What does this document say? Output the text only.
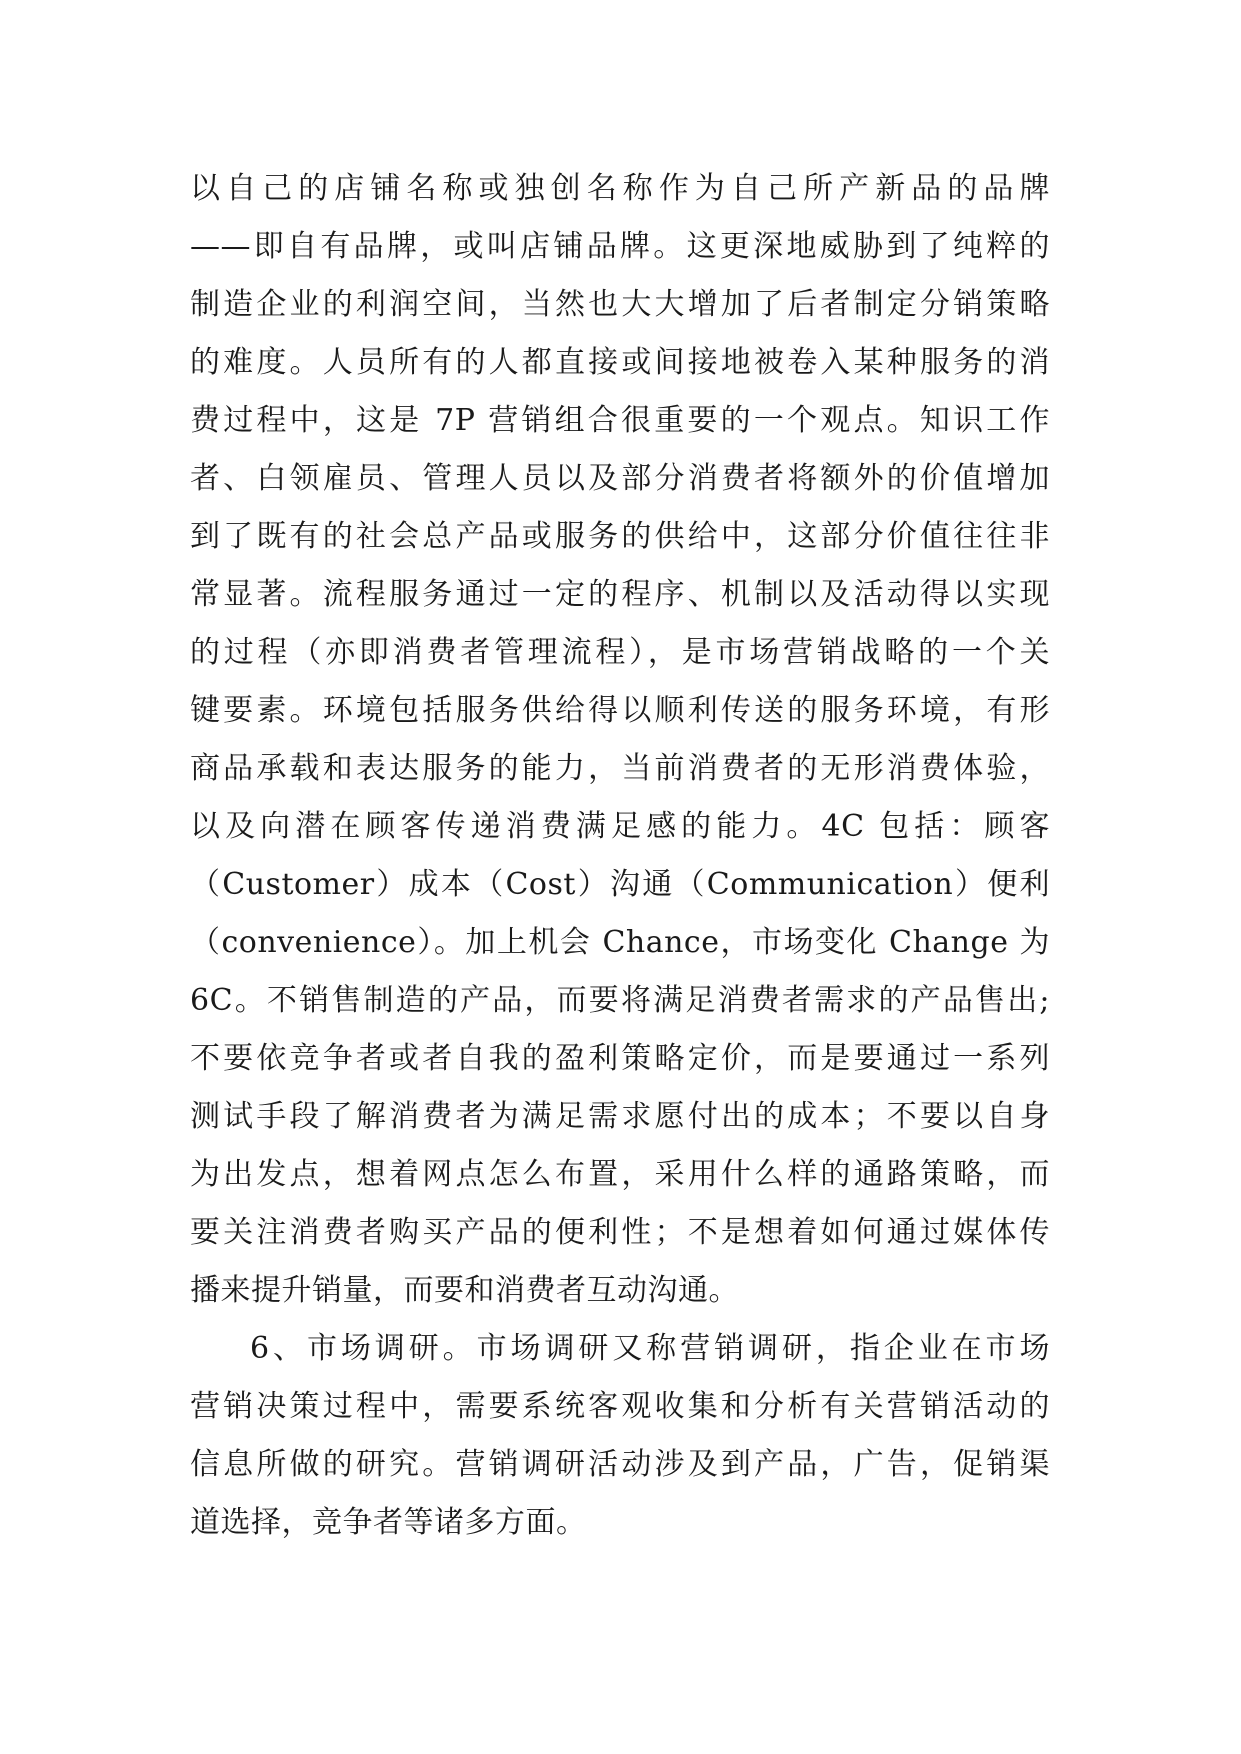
以自己的店铺名称或独创名称作为自己所产新品的品牌
——即自有品牌，或叫店铺品牌。这更深地威胁到了纯粹的
制造企业的利润空间，当然也大大增加了后者制定分销策略
的难度。人员所有的人都直接或间接地被卷入某种服务的消
费过程中，这是 7P 营销组合很重要的一个观点。知识工作
者、白领雇员、管理人员以及部分消费者将额外的价值增加
到了既有的社会总产品或服务的供给中，这部分价值往往非
常显著。流程服务通过一定的程序、机制以及活动得以实现
的过程（亦即消费者管理流程），是市场营销战略的一个关
键要素。环境包括服务供给得以顺利传送的服务环境，有形
商品承载和表达服务的能力，当前消费者的无形消费体验，
以及向潜在顾客传递消费满足感的能力。4C 包括：顾客
（Customer）成本（Cost）沟通（Communication）便利
（convenience）。加上机会 Chance，市场变化 Change 为
6C。不销售制造的产品，而要将满足消费者需求的产品售出;
不要依竞争者或者自我的盈利策略定价，而是要通过一系列
测试手段了解消费者为满足需求愿付出的成本；不要以自身
为出发点，想着网点怎么布置，采用什么样的通路策略，而
要关注消费者购买产品的便利性；不是想着如何通过媒体传
播来提升销量，而要和消费者互动沟通。
6、市场调研。市场调研又称营销调研，指企业在市场
营销决策过程中，需要系统客观收集和分析有关营销活动的
信息所做的研究。营销调研活动涉及到产品，广告，促销渠
道选择，竞争者等诸多方面。
